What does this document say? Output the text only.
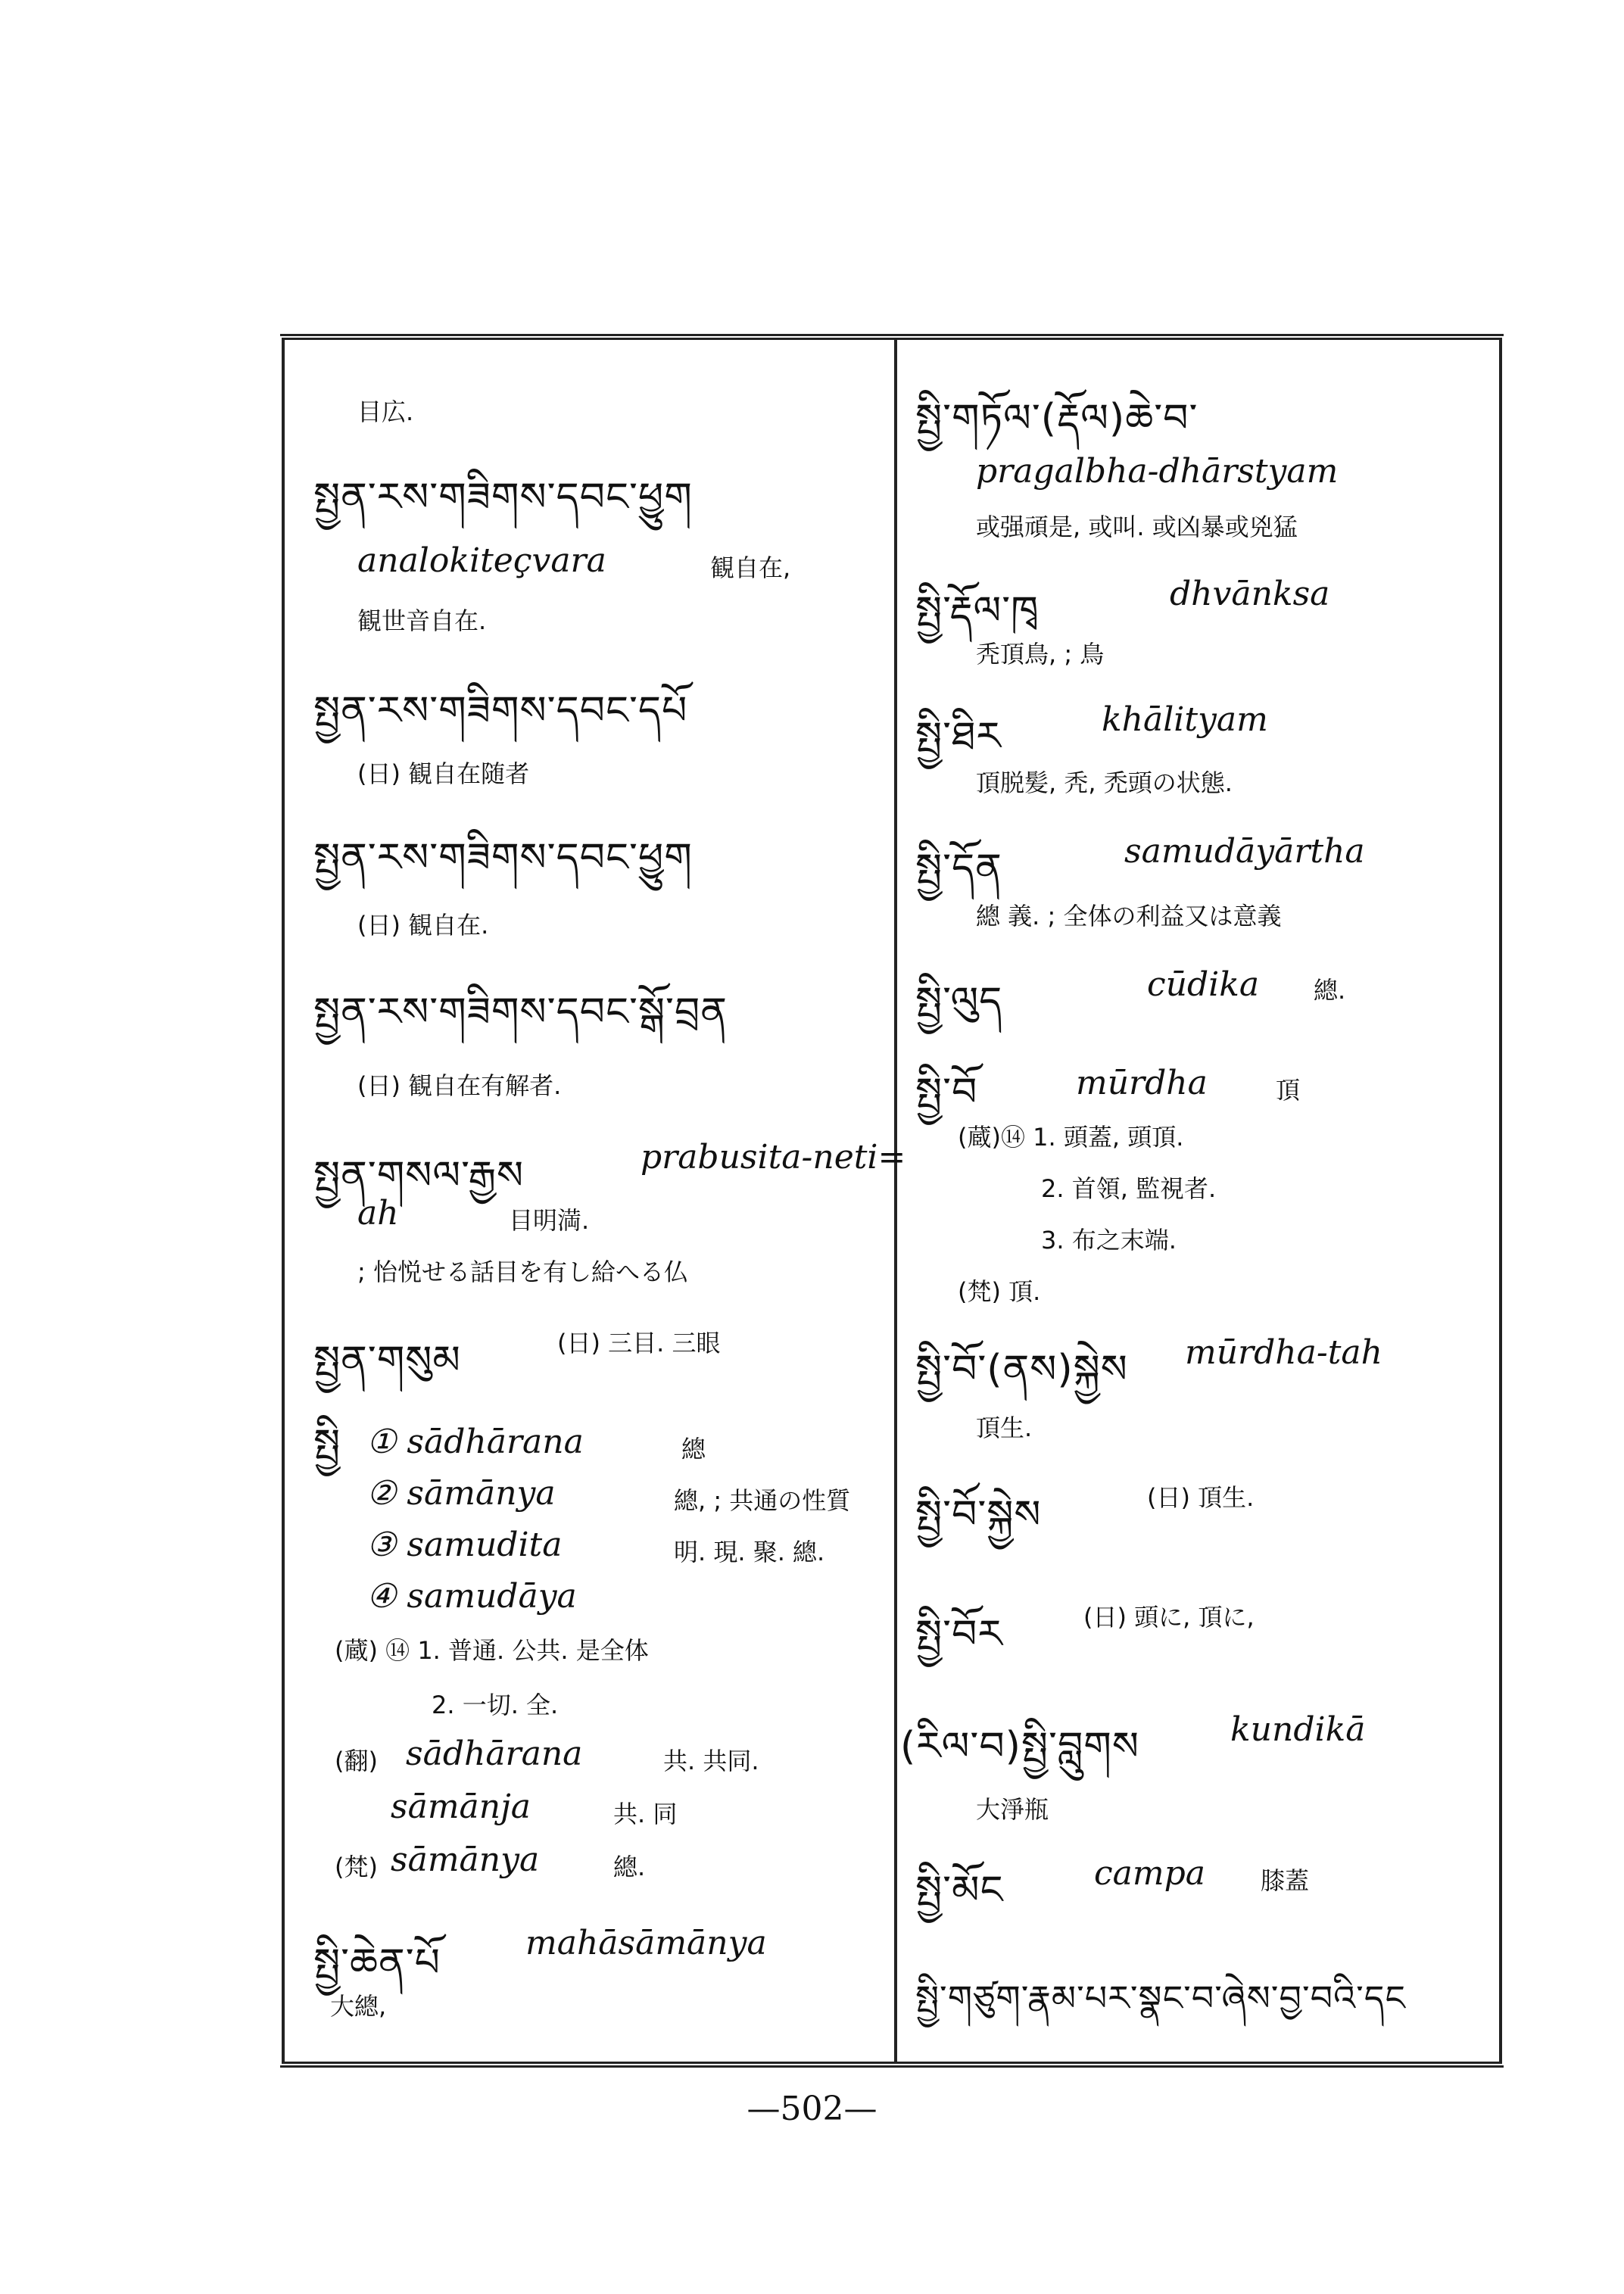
目広.
སྤྱན་རས་གཟིགས་དབང་ཕྱུག
analokiteçvara	観自在,
観世音自在.
སྤྱན་རས་གཟིགས་དབང་དཔོ
(日) 観自在随者
སྤྱན་རས་གཟིགས་དབང་ཕྱུག
(日) 観自在.
སྤྱན་རས་གཟིགས་དབང་སྒོ་བྲན
(日) 観自在有解者.
སྤྱན་གསལ་རྒྱས	prabusita-neti=
ah	目明満.
; 怡悦せる話目を有し給へる仏
སྤྱན་གསུམ	(日) 三目. 三眼
སྤྱི ① sādhārana	總
② sāmānya	總, ; 共通の性質
③ samudita	明. 現. 聚. 總.
④ samudāya
(蔵) ⑭ 1. 普通. 公共. 是全体
2. 一切. 全.
(翻) sādhārana	共. 共同.
sāmānja	共. 同
(梵) sāmānya	總.
སྤྱི་ཆེན་པོ	mahāsāmānya
大總,
སྤྱི་གཏོལ་(རྡོལ)ཆེ་བ་
pragalbha-dhārstyam
或强頑是, 或叫. 或凶暴或兇猛
སྤྱི་རྡོལ་ཁྭ	dhvānksa
秃頂鳥, ; 鳥
སྤྱི་ཐིར	khālityam
頂脱髪, 秃, 禿頭の状態.
སྤྱི་དོན	samudāyārtha
總 義. ; 全体の利益又は意義
སྤྱི་ལུད	cūdika 總.
སྤྱི་བོ	mūrdha	頂
(蔵)⑭ 1. 頭蓋, 頭頂.
2. 首領, 監視者.
3. 布之末端.
(梵) 頂.
སྤྱི་བོ་(ནས)སྐྱེས mūrdha-tah
頂生.
སྤྱི་བོ་སྐྱེས	(日) 頂生.
སྤྱི་བོར	(日) 頭に, 頂に,
(རིལ་བ)སྤྱི་བླུགས	kundikā
大淨瓶
སྤྱི་མོང	campa 膝蓋
སྤྱི་གཙུག་རྣམ་པར་སྣང་བ་ཞེས་བྱ་བའི་དང
—502—
